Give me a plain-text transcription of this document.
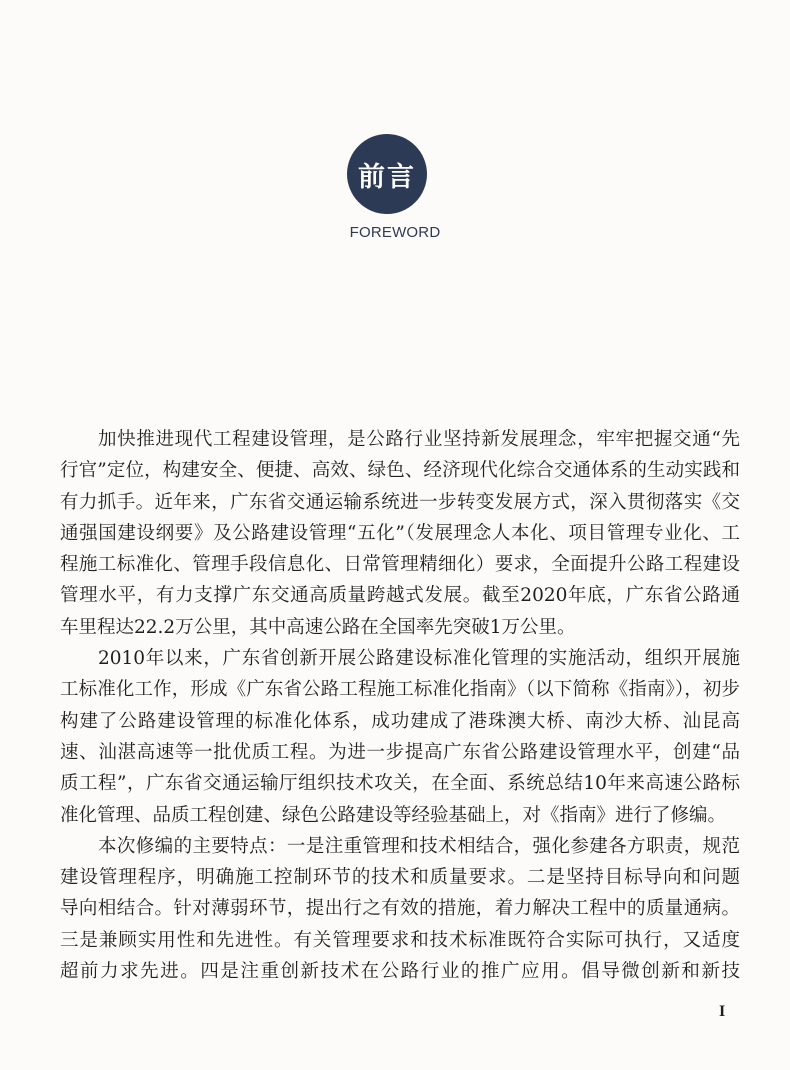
前言
FOREWORD
加快推进现代工程建设管理，是公路行业坚持新发展理念，牢牢把握交通“先
行官”定位，构建安全、便捷、高效、绿色、经济现代化综合交通体系的生动实践和
有力抓手。近年来，广东省交通运输系统进一步转变发展方式，深入贯彻落实《交
通强国建设纲要》及公路建设管理“五化”（发展理念人本化、项目管理专业化、工
程施工标准化、管理手段信息化、日常管理精细化）要求，全面提升公路工程建设
管理水平，有力支撑广东交通高质量跨越式发展。截至2020年底，广东省公路通
车里程达22.2万公里，其中高速公路在全国率先突破1万公里。
2010年以来，广东省创新开展公路建设标准化管理的实施活动，组织开展施
工标准化工作，形成《广东省公路工程施工标准化指南》（以下简称《指南》），初步
构建了公路建设管理的标准化体系，成功建成了港珠澳大桥、南沙大桥、汕昆高
速、汕湛高速等一批优质工程。为进一步提高广东省公路建设管理水平，创建“品
质工程”，广东省交通运输厅组织技术攻关，在全面、系统总结10年来高速公路标
准化管理、品质工程创建、绿色公路建设等经验基础上，对《指南》进行了修编。
本次修编的主要特点：一是注重管理和技术相结合，强化参建各方职责，规范
建设管理程序，明确施工控制环节的技术和质量要求。二是坚持目标导向和问题
导向相结合。针对薄弱环节，提出行之有效的措施，着力解决工程中的质量通病。
三是兼顾实用性和先进性。有关管理要求和技术标准既符合实际可执行，又适度
超前力求先进。四是注重创新技术在公路行业的推广应用。倡导微创新和新技
I
